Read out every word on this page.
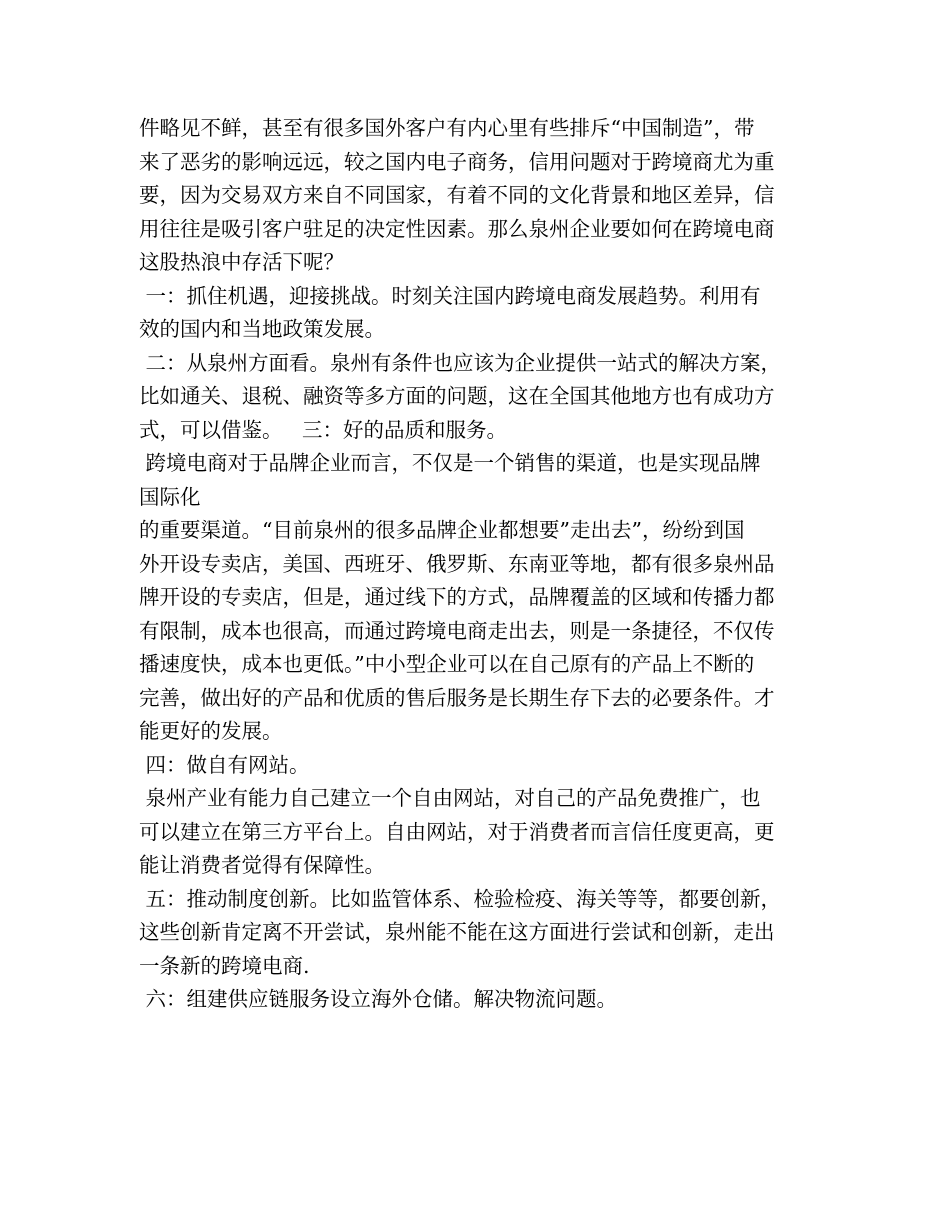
件略见不鲜，甚至有很多国外客户有内心里有些排斥“中国制造”，带
来了恶劣的影响远远，较之国内电子商务，信用问题对于跨境商尤为重
要，因为交易双方来自不同国家，有着不同的文化背景和地区差异，信
用往往是吸引客户驻足的决定性因素。那么泉州企业要如何在跨境电商
这股热浪中存活下呢？
一：抓住机遇，迎接挑战。时刻关注国内跨境电商发展趋势。利用有
效的国内和当地政策发展。
二：从泉州方面看。泉州有条件也应该为企业提供一站式的解决方案，
比如通关、退税、融资等多方面的问题，这在全国其他地方也有成功方
式，可以借鉴。   三：好的品质和服务。
跨境电商对于品牌企业而言，不仅是一个销售的渠道，也是实现品牌
国际化
的重要渠道。“目前泉州的很多品牌企业都想要”走出去”，纷纷到国
外开设专卖店，美国、西班牙、俄罗斯、东南亚等地，都有很多泉州品
牌开设的专卖店，但是，通过线下的方式，品牌覆盖的区域和传播力都
有限制，成本也很高，而通过跨境电商走出去，则是一条捷径，不仅传
播速度快，成本也更低。”中小型企业可以在自己原有的产品上不断的
完善，做出好的产品和优质的售后服务是长期生存下去的必要条件。才
能更好的发展。
四：做自有网站。
泉州产业有能力自己建立一个自由网站，对自己的产品免费推广，也
可以建立在第三方平台上。自由网站，对于消费者而言信任度更高，更
能让消费者觉得有保障性。
五：推动制度创新。比如监管体系、检验检疫、海关等等，都要创新，
这些创新肯定离不开尝试，泉州能不能在这方面进行尝试和创新，走出
一条新的跨境电商.
六：组建供应链服务设立海外仓储。解决物流问题。
